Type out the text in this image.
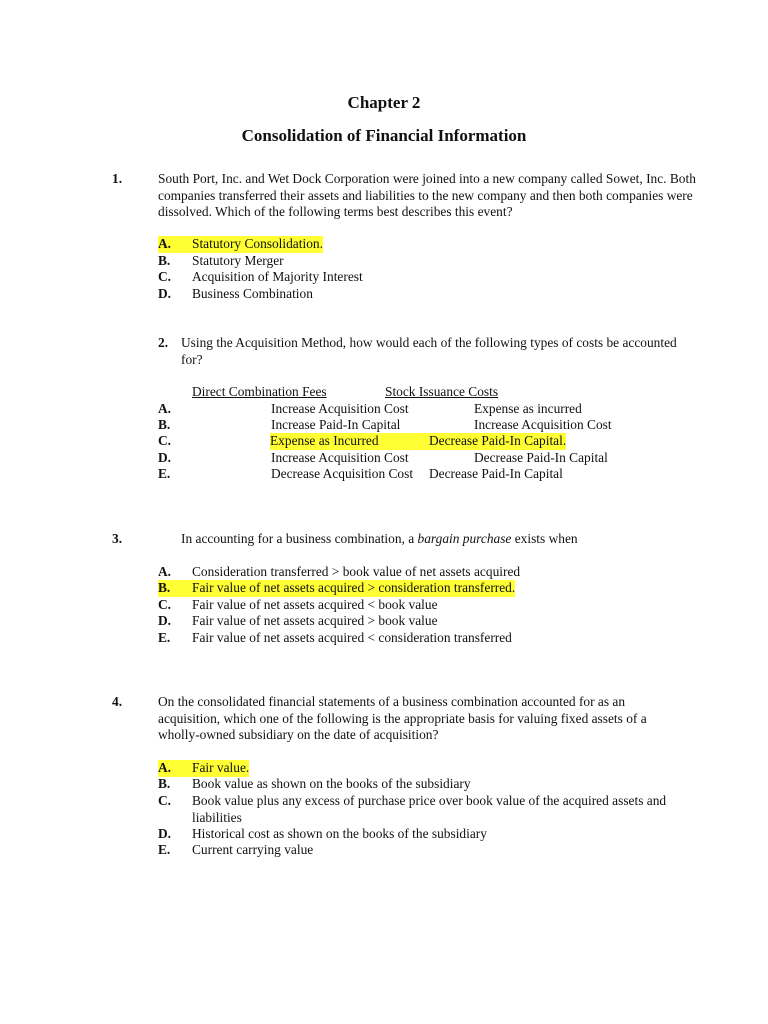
Chapter 2
Consolidation of Financial Information
1.	South Port, Inc. and Wet Dock Corporation were joined into a new company called Sowet, Inc. Both companies transferred their assets and liabilities to the new company and then both companies were dissolved. Which of the following terms best describes this event?
A.	Statutory Consolidation.
B. Statutory Merger
C. Acquisition of Majority Interest
D. Business Combination
2. Using the Acquisition Method, how would each of the following types of costs be accounted for?
Direct Combination Fees	Stock Issuance Costs
A.	Increase Acquisition Cost	Expense as incurred
B.	Increase Paid-In Capital	Increase Acquisition Cost
C.	Expense as Incurred	Decrease Paid-In Capital.
D.	Increase Acquisition Cost	Decrease Paid-In Capital
E.	Decrease Acquisition Cost Decrease Paid-In Capital
3.	In accounting for a business combination, a bargain purchase exists when
A. Consideration transferred > book value of net assets acquired
B.	Fair value of net assets acquired > consideration transferred.
C. Fair value of net assets acquired < book value
D. Fair value of net assets acquired > book value
E. Fair value of net assets acquired < consideration transferred
4.	On the consolidated financial statements of a business combination accounted for as an acquisition, which one of the following is the appropriate basis for valuing fixed assets of a wholly-owned subsidiary on the date of acquisition?
A.	Fair value.
B. Book value as shown on the books of the subsidiary
C. Book value plus any excess of purchase price over book value of the acquired assets and liabilities
D. Historical cost as shown on the books of the subsidiary
E. Current carrying value
